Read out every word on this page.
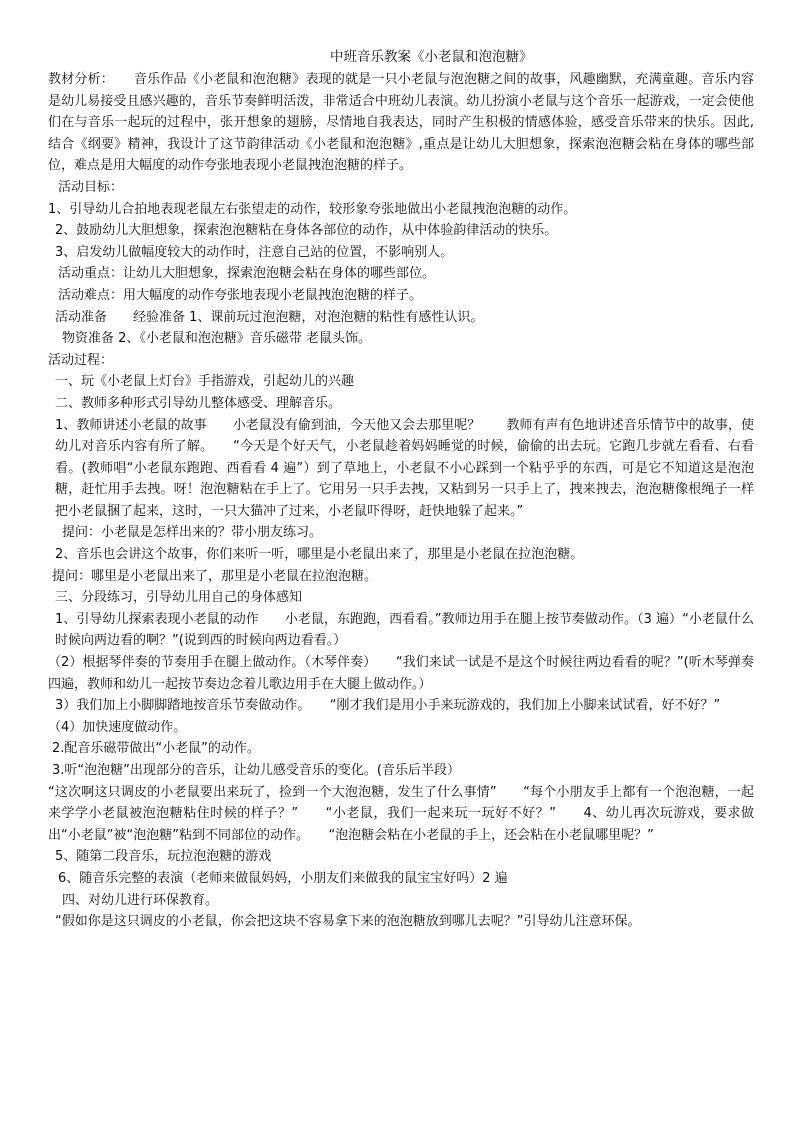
中班音乐教案《小老鼠和泡泡糖》

教材分析：　　音乐作品《小老鼠和泡泡糖》表现的就是一只小老鼠与泡泡糖之间的故事，风趣幽默，充满童趣。音乐内容是幼儿易接受且感兴趣的，音乐节奏鲜明活泼，非常适合中班幼儿表演。幼儿扮演小老鼠与这个音乐一起游戏，一定会使他们在与音乐一起玩的过程中，张开想象的翅膀，尽情地自我表达，同时产生积极的情感体验，感受音乐带来的快乐。因此,结合《纲要》精神，我设计了这节韵律活动《小老鼠和泡泡糖》,重点是让幼儿大胆想象，探索泡泡糖会粘在身体的哪些部位，难点是用大幅度的动作夸张地表现小老鼠拽泡泡糖的样子。

活动目标：

1、引导幼儿合拍地表现老鼠左右张望走的动作，较形象夸张地做出小老鼠拽泡泡糖的动作。

2、鼓励幼儿大胆想象，探索泡泡糖粘在身体各部位的动作，从中体验韵律活动的快乐。

3、启发幼儿做幅度较大的动作时，注意自己站的位置，不影响别人。

活动重点：让幼儿大胆想象，探索泡泡糖会粘在身体的哪些部位。

活动难点：用大幅度的动作夸张地表现小老鼠拽泡泡糖的样子。

活动准备　　经验准备 1、课前玩过泡泡糖，对泡泡糖的粘性有感性认识。

物资准备 2、《小老鼠和泡泡糖》音乐磁带 老鼠头饰。

活动过程：

一、玩《小老鼠上灯台》手指游戏，引起幼儿的兴趣

二、教师多种形式引导幼儿整体感受、理解音乐。

1、教师讲述小老鼠的故事　　小老鼠没有偷到油，今天他又会去那里呢？　　教师有声有色地讲述音乐情节中的故事，使幼儿对音乐内容有所了解。　　“今天是个好天气，小老鼠趁着妈妈睡觉的时候，偷偷的出去玩。它跑几步就左看看、右看看。(教师唱“小老鼠东跑跑、西看看 4 遍”）到了草地上，小老鼠不小心踩到一个粘乎乎的东西，可是它不知道这是泡泡糖，赶忙用手去拽。呀！泡泡糖粘在手上了。它用另一只手去拽，又粘到另一只手上了，拽来拽去，泡泡糖像根绳子一样把小老鼠捆了起来，这时，一只大猫冲了过来，小老鼠吓得呀，赶快地躲了起来。”

提问：小老鼠是怎样出来的？带小朋友练习。

2、音乐也会讲这个故事，你们来听一听，哪里是小老鼠出来了，那里是小老鼠在拉泡泡糖。

提问：哪里是小老鼠出来了，那里是小老鼠在拉泡泡糖。

三、分段练习，引导幼儿用自己的身体感知

1、引导幼儿探索表现小老鼠的动作　　小老鼠，东跑跑，西看看。”教师边用手在腿上按节奏做动作。（3 遍）“小老鼠什么时候向两边看的啊？”(说到西的时候向两边看看。）

（2）根据琴伴奏的节奏用手在腿上做动作。（木琴伴奏）　　“我们来试一试是不是这个时候往两边看看的呢？”(听木琴弹奏四遍，教师和幼儿一起按节奏边念着儿歌边用手在大腿上做动作。）

3）我们加上小脚脚踏地按音乐节奏做动作。　　“刚才我们是用小手来玩游戏的，我们加上小脚来试试看，好不好？”

（4）加快速度做动作。

2.配音乐磁带做出“小老鼠”的动作。

3.听“泡泡糖”出现部分的音乐，让幼儿感受音乐的变化。(音乐后半段）

“这次啊这只调皮的小老鼠要出来玩了，捡到一个大泡泡糖，发生了什么事情”　　“每个小朋友手上都有一个泡泡糖，一起来学学小老鼠被泡泡糖粘住时候的样子？”　　“小老鼠，我们一起来玩一玩好不好？”　　4、幼儿再次玩游戏，要求做出“小老鼠”被“泡泡糖”粘到不同部位的动作。　　“泡泡糖会粘在小老鼠的手上，还会粘在小老鼠哪里呢？”

5、随第二段音乐，玩拉泡泡糖的游戏

6、随音乐完整的表演（老师来做鼠妈妈，小朋友们来做我的鼠宝宝好吗）2 遍

四、对幼儿进行环保教育。

“假如你是这只调皮的小老鼠，你会把这块不容易拿下来的泡泡糖放到哪儿去呢？”引导幼儿注意环保。
